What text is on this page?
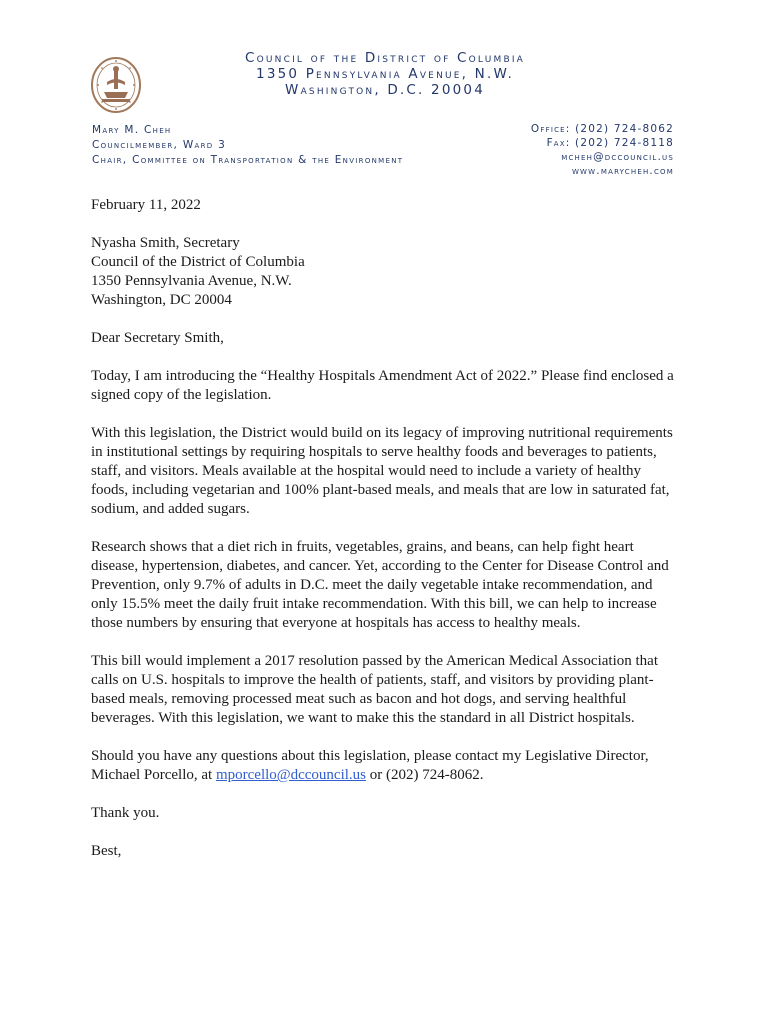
Council of the District of Columbia
1350 Pennsylvania Avenue, N.W.
Washington, D.C. 20004
Mary M. Cheh
Councilmember, Ward 3
Chair, Committee on Transportation & the Environment
Office: (202) 724-8062
Fax: (202) 724-8118
mcheh@dccouncil.us
www.marycheh.com

February 11, 2022

Nyasha Smith, Secretary
Council of the District of Columbia
1350 Pennsylvania Avenue, N.W.
Washington, DC 20004

Dear Secretary Smith,

Today, I am introducing the “Healthy Hospitals Amendment Act of 2022.” Please find enclosed a signed copy of the legislation.

With this legislation, the District would build on its legacy of improving nutritional requirements in institutional settings by requiring hospitals to serve healthy foods and beverages to patients, staff, and visitors. Meals available at the hospital would need to include a variety of healthy foods, including vegetarian and 100% plant-based meals, and meals that are low in saturated fat, sodium, and added sugars.

Research shows that a diet rich in fruits, vegetables, grains, and beans, can help fight heart disease, hypertension, diabetes, and cancer. Yet, according to the Center for Disease Control and Prevention, only 9.7% of adults in D.C. meet the daily vegetable intake recommendation, and only 15.5% meet the daily fruit intake recommendation. With this bill, we can help to increase those numbers by ensuring that everyone at hospitals has access to healthy meals.

This bill would implement a 2017 resolution passed by the American Medical Association that calls on U.S. hospitals to improve the health of patients, staff, and visitors by providing plant-based meals, removing processed meat such as bacon and hot dogs, and serving healthful beverages. With this legislation, we want to make this the standard in all District hospitals.

Should you have any questions about this legislation, please contact my Legislative Director, Michael Porcello, at mporcello@dccouncil.us or (202) 724-8062.

Thank you.

Best,
